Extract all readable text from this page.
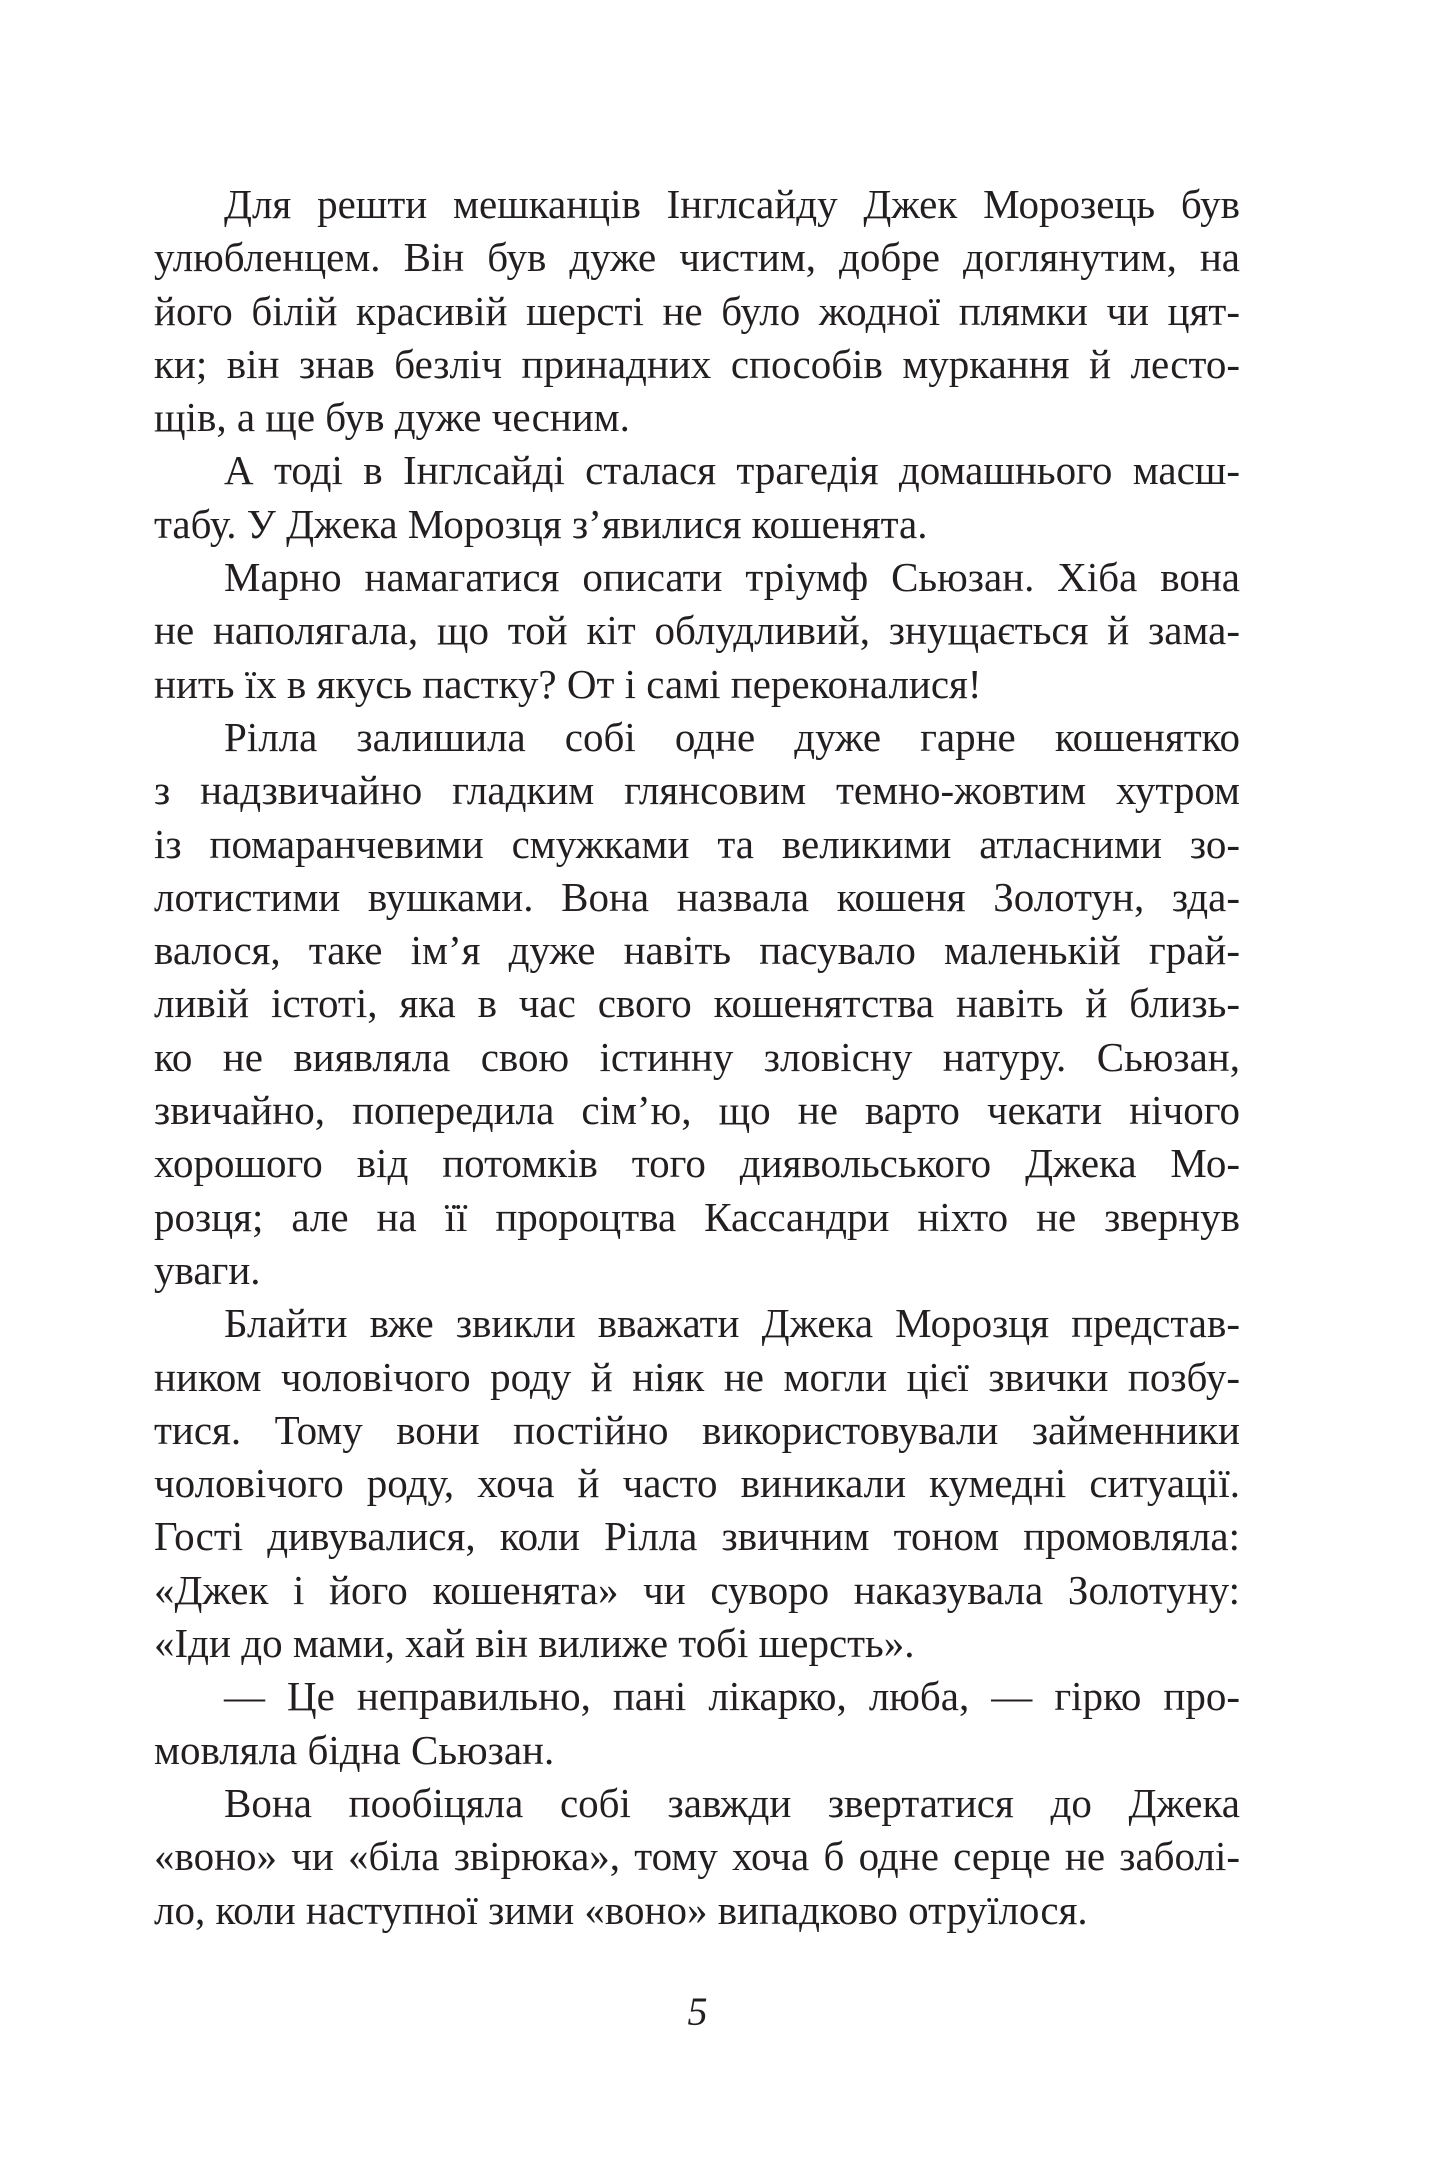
Для решти мешканців Інглсайду Джек Морозець був
улюбленцем. Він був дуже чистим, добре доглянутим, на
його білій красивій шерсті не було жодної плямки чи цят-
ки; він знав безліч принадних способів муркання й лесто-
щів, а ще був дуже чесним.
А тоді в Інглсайді сталася трагедія домашнього масш-
табу. У Джека Морозця з’явилися кошенята.
Марно намагатися описати тріумф Сьюзан. Хіба вона
не наполягала, що той кіт облудливий, знущається й зама-
нить їх в якусь пастку? От і самі переконалися!
Рілла залишила собі одне дуже гарне кошенятко
з надзвичайно гладким глянсовим темно-жовтим хутром
із помаранчевими смужками та великими атласними зо-
лотистими вушками. Вона назвала кошеня Золотун, зда-
валося, таке ім’я дуже навіть пасувало маленькій грай-
ливій істоті, яка в час свого кошенятства навіть й близь-
ко не виявляла свою істинну зловісну натуру. Сьюзан,
звичайно, попередила сім’ю, що не варто чекати нічого
хорошого від потомків того диявольського Джека Мо-
розця; але на її пророцтва Кассандри ніхто не звернув
уваги.
Блайти вже звикли вважати Джека Морозця представ-
ником чоловічого роду й ніяк не могли цієї звички позбу-
тися. Тому вони постійно використовували займенники
чоловічого роду, хоча й часто виникали кумедні ситуації.
Гості дивувалися, коли Рілла звичним тоном промовляла:
«Джек і його кошенята» чи суворо наказувала Золотуну:
«Іди до мами, хай він вилиже тобі шерсть».
— Це неправильно, пані лікарко, люба, — гірко про-
мовляла бідна Сьюзан.
Вона пообіцяла собі завжди звертатися до Джека
«воно» чи «біла звірюка», тому хоча б одне серце не заболі-
ло, коли наступної зими «воно» випадково отруїлося.
5
